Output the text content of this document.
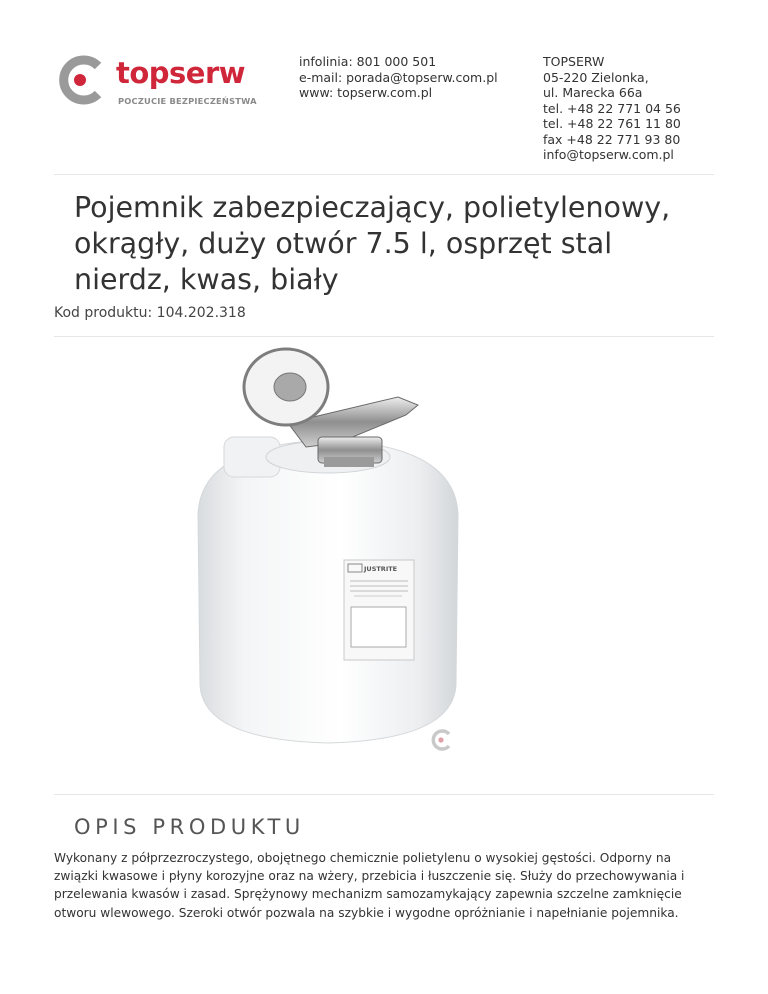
topserw
POCZUCIE BEZPIECZEŃSTWA
infolinia: 801 000 501
e-mail: porada@topserw.com.pl
www: topserw.com.pl
TOPSERW
05-220 Zielonka,
ul. Marecka 66a
tel. +48 22 771 04 56
tel. +48 22 761 11 80
fax +48 22 771 93 80
info@topserw.com.pl
Pojemnik zabezpieczający, polietylenowy, okrągły, duży otwór 7.5 l, osprzęt stal nierdz, kwas, biały
Kod produktu: 104.202.318
JUSTRITE
OPIS PRODUKTU

Wykonany z półprzezroczystego, obojętnego chemicznie polietylenu o wysokiej gęstości. Odporny na związki kwasowe i płyny korozyjne oraz na wżery, przebicia i łuszczenie się. Służy do przechowywania i przelewania kwasów i zasad. Sprężynowy mechanizm samozamykający zapewnia szczelne zamknięcie otworu wlewowego. Szeroki otwór pozwala na szybkie i wygodne opróżnianie i napełnianie pojemnika.
